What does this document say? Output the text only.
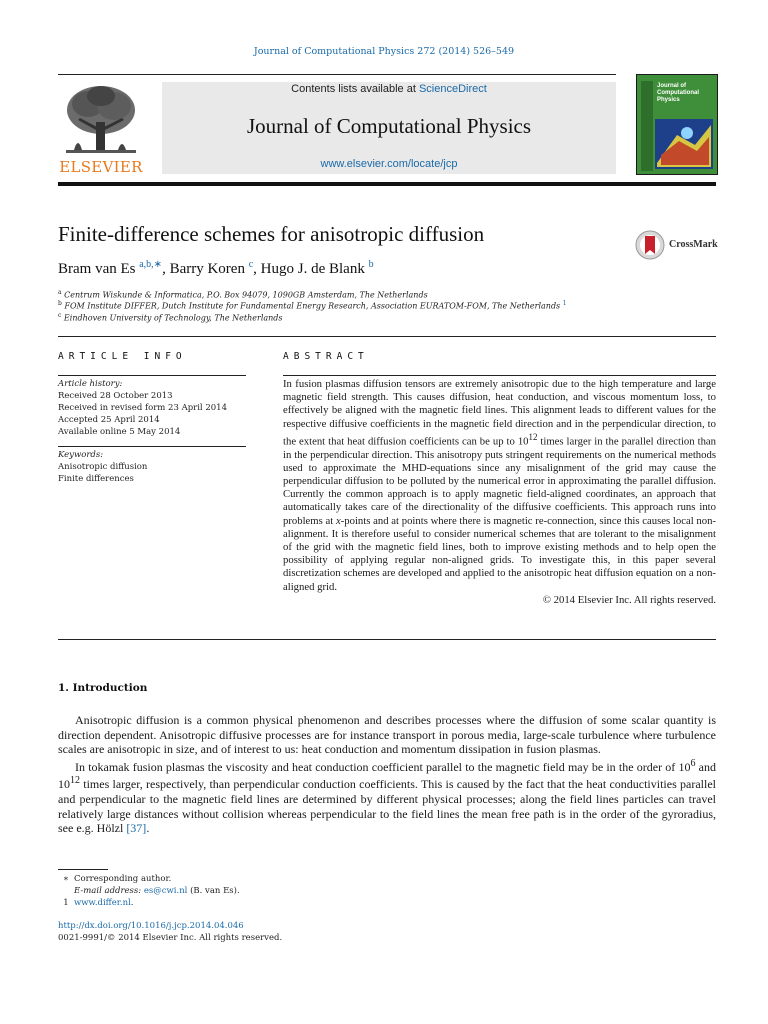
Journal of Computational Physics 272 (2014) 526–549
ELSEVIER
Contents lists available at ScienceDirect
Journal of Computational Physics
www.elsevier.com/locate/jcp
Journal of Computational Physics
Finite-difference schemes for anisotropic diffusion
Bram van Es $^{a,b,∗}$, Barry Koren $^c$, Hugo J. de Blank $^b$
CrossMark
$^a$ Centrum Wiskunde & Informatica, P.O. Box 94079, 1090GB Amsterdam, The Netherlands
$^b$ FOM Institute DIFFER, Dutch Institute for Fundamental Energy Research, Association EURATOM-FOM, The Netherlands $^1$
$^c$ Eindhoven University of Technology, The Netherlands
ARTICLE INFO
Article history:
Received 28 October 2013
Received in revised form 23 April 2014
Accepted 25 April 2014
Available online 5 May 2014
Keywords:
Anisotropic diffusion
Finite differences
ABSTRACT
In fusion plasmas diffusion tensors are extremely anisotropic due to the high temperature and large magnetic field strength. This causes diffusion, heat conduction, and viscous momentum loss, to effectively be aligned with the magnetic field lines. This alignment leads to different values for the respective diffusive coefficients in the magnetic field direction and in the perpendicular direction, to the extent that heat diffusion coefficients can be up to $10^{12}$ times larger in the parallel direction than in the perpendicular direction. This anisotropy puts stringent requirements on the numerical methods used to approximate the MHD-equations since any misalignment of the grid may cause the perpendicular diffusion to be polluted by the numerical error in approximating the parallel diffusion. Currently the common approach is to apply magnetic field-aligned coordinates, an approach that automatically takes care of the directionality of the diffusive coefficients. This approach runs into problems at x-points and at points where there is magnetic re-connection, since this causes local non-alignment. It is therefore useful to consider numerical schemes that are tolerant to the misalignment of the grid with the magnetic field lines, both to improve existing methods and to help open the possibility of applying regular non-aligned grids. To investigate this, in this paper several discretization schemes are developed and applied to the anisotropic heat diffusion equation on a non-aligned grid.
© 2014 Elsevier Inc. All rights reserved.
1. Introduction

Anisotropic diffusion is a common physical phenomenon and describes processes where the diffusion of some scalar quantity is direction dependent. Anisotropic diffusive processes are for instance transport in porous media, large-scale turbulence where turbulence scales are anisotropic in size, and of interest to us: heat conduction and momentum dissipation in fusion plasmas.

In tokamak fusion plasmas the viscosity and heat conduction coefficient parallel to the magnetic field may be in the order of $10^6$ and $10^{12}$ times larger, respectively, than perpendicular conduction coefficients. This is caused by the fact that the heat conductivities parallel and perpendicular to the magnetic field lines are determined by different physical processes; along the field lines particles can travel relatively large distances without collision whereas perpendicular to the field lines the mean free path is in the order of the gyroradius, see e.g. Hölzl [37].

∗ Corresponding author.
E-mail address: es@cwi.nl (B. van Es).
1 www.differ.nl.
http://dx.doi.org/10.1016/j.jcp.2014.04.046
0021-9991/© 2014 Elsevier Inc. All rights reserved.
